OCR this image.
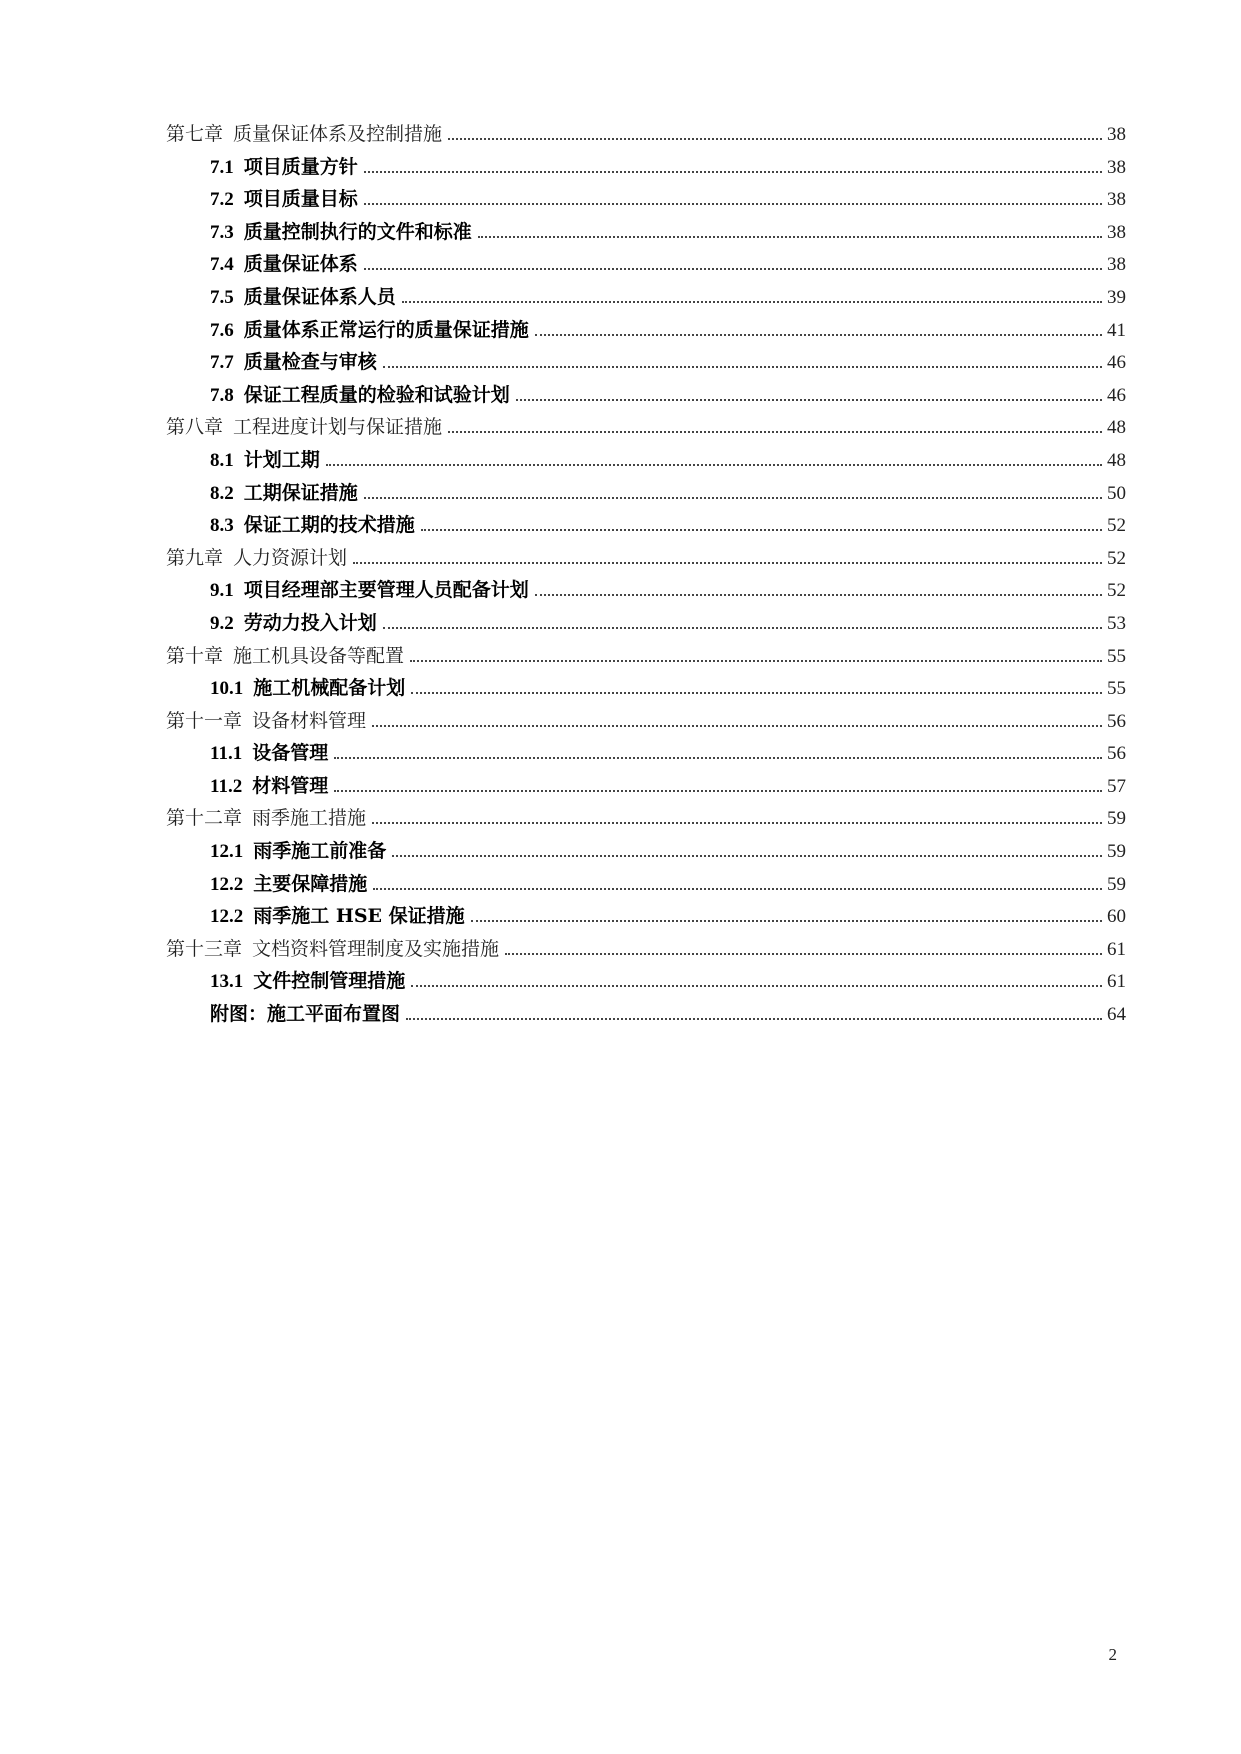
第七章 质量保证体系及控制措施	38
7.1 项目质量方针	38
7.2 项目质量目标	38
7.3 质量控制执行的文件和标准	38
7.4 质量保证体系	38
7.5 质量保证体系人员	39
7.6 质量体系正常运行的质量保证措施	41
7.7 质量检查与审核	46
7.8 保证工程质量的检验和试验计划	46
第八章 工程进度计划与保证措施	48
8.1 计划工期	48
8.2 工期保证措施	50
8.3 保证工期的技术措施	52
第九章 人力资源计划	52
9.1 项目经理部主要管理人员配备计划	52
9.2 劳动力投入计划	53
第十章 施工机具设备等配置	55
10.1 施工机械配备计划	55
第十一章 设备材料管理	56
11.1 设备管理	56
11.2 材料管理	57
第十二章 雨季施工措施	59
12.1 雨季施工前准备	59
12.2 主要保障措施	59
12.2 雨季施工 HSE 保证措施	60
第十三章 文档资料管理制度及实施措施	61
13.1 文件控制管理措施	61
附图：施工平面布置图	64
2
